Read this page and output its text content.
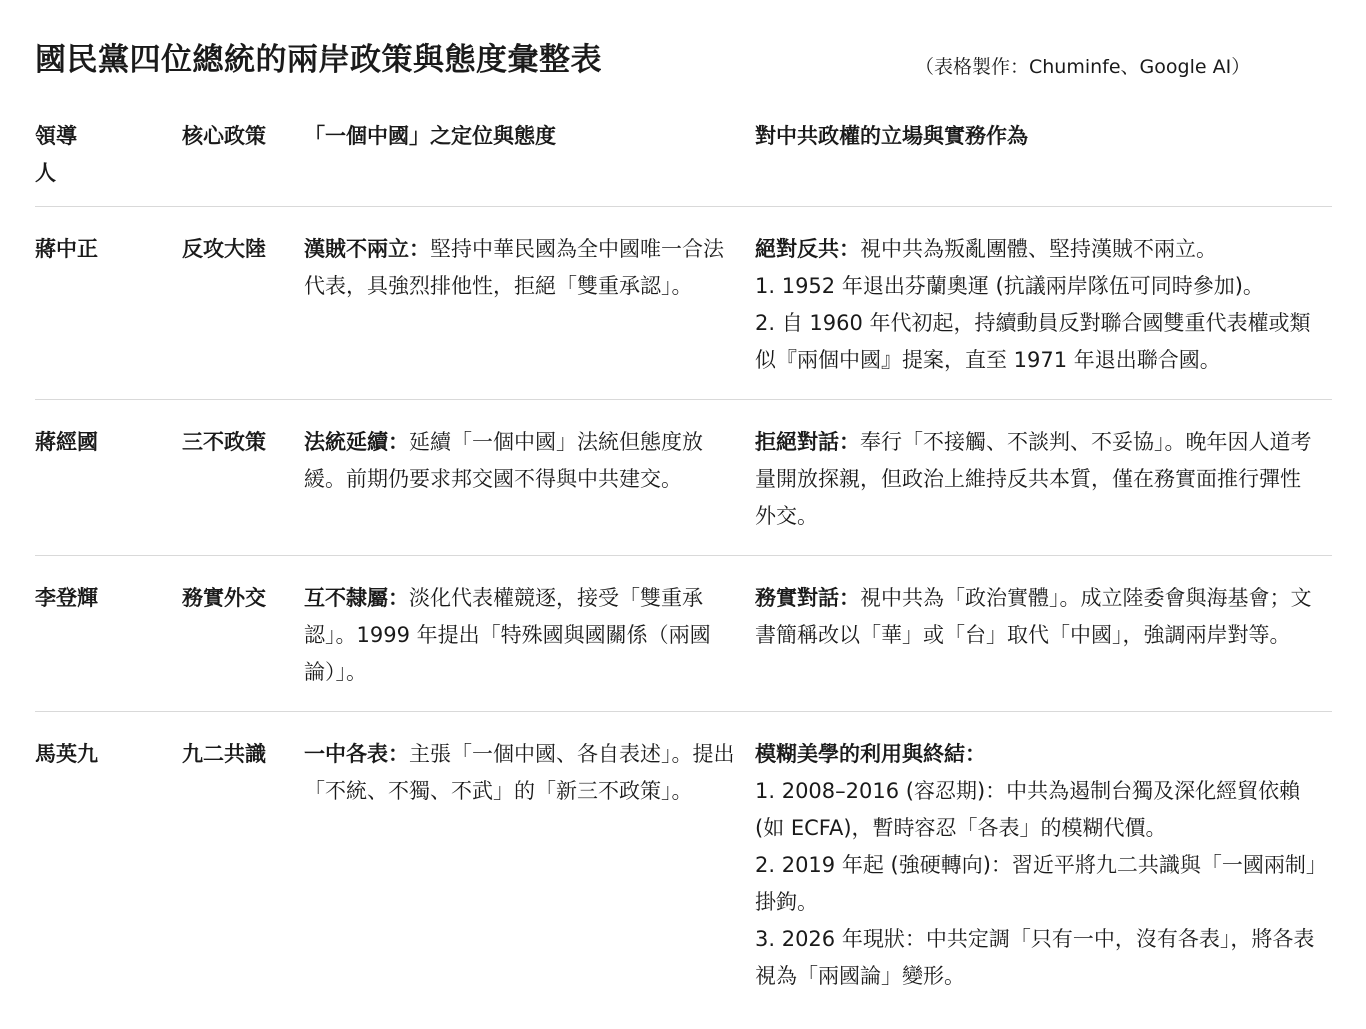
國民黨四位總統的兩岸政策與態度彙整表	（表格製作：Chuminfe、Google AI）
領導人	核心政策	「一個中國」之定位與態度	對中共政權的立場與實務作為
蔣中正	反攻大陸	漢賊不兩立：堅持中華民國為全中國唯一合法代表，具強烈排他性，拒絕「雙重承認」。	絕對反共：視中共為叛亂團體、堅持漢賊不兩立。
1. 1952 年退出芬蘭奧運 (抗議兩岸隊伍可同時參加)。
2. 自 1960 年代初起，持續動員反對聯合國雙重代表權或類似『兩個中國』提案，直至 1971 年退出聯合國。

蔣經國	三不政策	法統延續：延續「一個中國」法統但態度放緩。前期仍要求邦交國不得與中共建交。	拒絕對話：奉行「不接觸、不談判、不妥協」。晚年因人道考量開放探親，但政治上維持反共本質，僅在務實面推行彈性外交。

李登輝	務實外交	互不隸屬：淡化代表權競逐，接受「雙重承認」。1999 年提出「特殊國與國關係（兩國論）」。	務實對話：視中共為「政治實體」。成立陸委會與海基會；文書簡稱改以「華」或「台」取代「中國」，強調兩岸對等。

馬英九	九二共識	一中各表：主張「一個中國、各自表述」。提出「不統、不獨、不武」的「新三不政策」。	模糊美學的利用與終結：
1. 2008–2016 (容忍期)：中共為遏制台獨及深化經貿依賴(如 ECFA)，暫時容忍「各表」的模糊代價。
2. 2019 年起 (強硬轉向)：習近平將九二共識與「一國兩制」掛鉤。
3. 2026 年現狀：中共定調「只有一中，沒有各表」，將各表視為「兩國論」變形。
